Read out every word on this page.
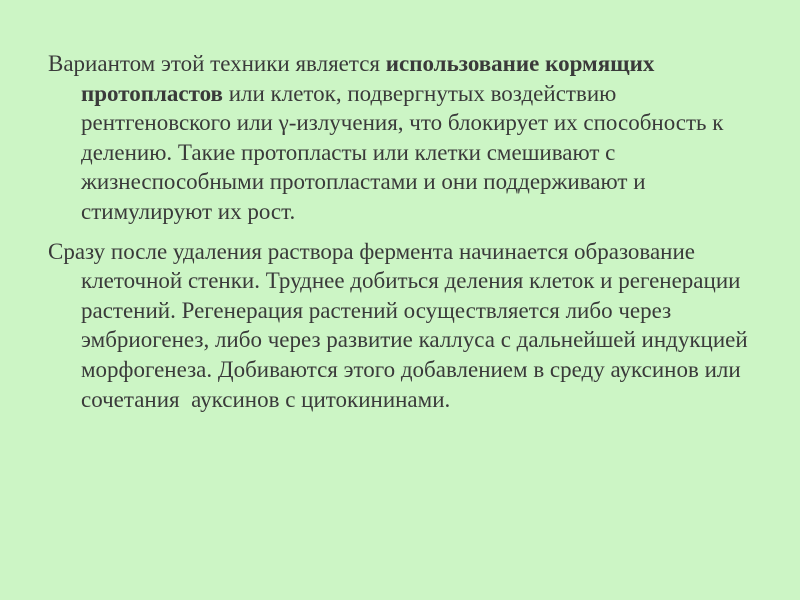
Вариантом этой техники является использование кормящих протопластов или клеток, подвергнутых воздействию рентгеновского или γ-излучения, что блокирует их способность к делению. Такие протопласты или клетки смешивают с жизнеспособными протопластами и они поддерживают и стимулируют их рост.

Сразу после удаления раствора фермента начинается образование клеточной стенки. Труднее добиться деления клеток и регенерации растений. Регенерация растений осуществляется либо через эмбриогенез, либо через развитие каллуса с дальнейшей индукцией морфогенеза. Добиваются этого добавлением в среду ауксинов или сочетания  ауксинов с цитокининами.
